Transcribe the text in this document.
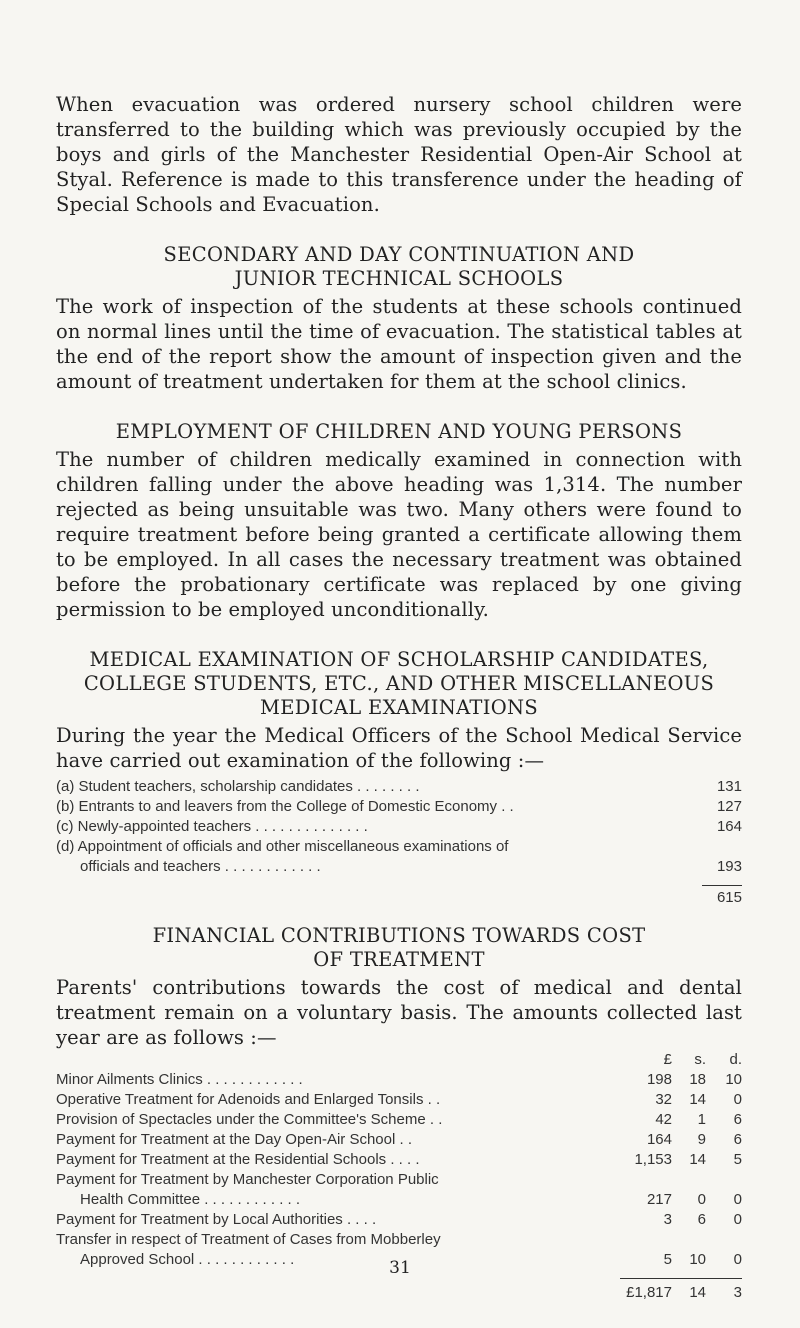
When evacuation was ordered nursery school children were transferred to the building which was previously occupied by the boys and girls of the Manchester Residential Open-Air School at Styal. Reference is made to this transference under the heading of Special Schools and Evacuation.

SECONDARY AND DAY CONTINUATION AND
JUNIOR TECHNICAL SCHOOLS

The work of inspection of the students at these schools continued on normal lines until the time of evacuation. The statistical tables at the end of the report show the amount of inspection given and the amount of treatment undertaken for them at the school clinics.

EMPLOYMENT OF CHILDREN AND YOUNG PERSONS

The number of children medically examined in connection with children falling under the above heading was 1,314. The number rejected as being unsuitable was two. Many others were found to require treatment before being granted a certificate allowing them to be employed. In all cases the necessary treatment was obtained before the probationary certificate was replaced by one giving permission to be employed unconditionally.

MEDICAL EXAMINATION OF SCHOLARSHIP CANDIDATES,
COLLEGE STUDENTS, ETC., AND OTHER MISCELLANEOUS
MEDICAL EXAMINATIONS

During the year the Medical Officers of the School Medical Service have carried out examination of the following :—

(a) Student teachers, scholarship candidates . . . . . . . .	131
(b) Entrants to and leavers from the College of Domestic Economy . .	127
(c) Newly-appointed teachers . . . . . . . . . . . . . .	164
(d) Appointment of officials and other miscellaneous examinations of
officials and teachers . . . . . . . . . . . .	193
615
FINANCIAL CONTRIBUTIONS TOWARDS COST
OF TREATMENT

Parents' contributions towards the cost of medical and dental treatment remain on a voluntary basis. The amounts collected last year are as follows :—

£	s.	d.
Minor Ailments Clinics . . . . . . . . . . . .	198	18	10
Operative Treatment for Adenoids and Enlarged Tonsils . .	32	14	0
Provision of Spectacles under the Committee's Scheme . .	42	1	6
Payment for Treatment at the Day Open-Air School . .	164	9	6
Payment for Treatment at the Residential Schools . . . .	1,153	14	5
Payment for Treatment by Manchester Corporation Public
Health Committee . . . . . . . . . . . .	217	0	0
Payment for Treatment by Local Authorities . . . .	3	6	0
Transfer in respect of Treatment of Cases from Mobberley
Approved School . . . . . . . . . . . .	5	10	0
£1,817	14	3
31
